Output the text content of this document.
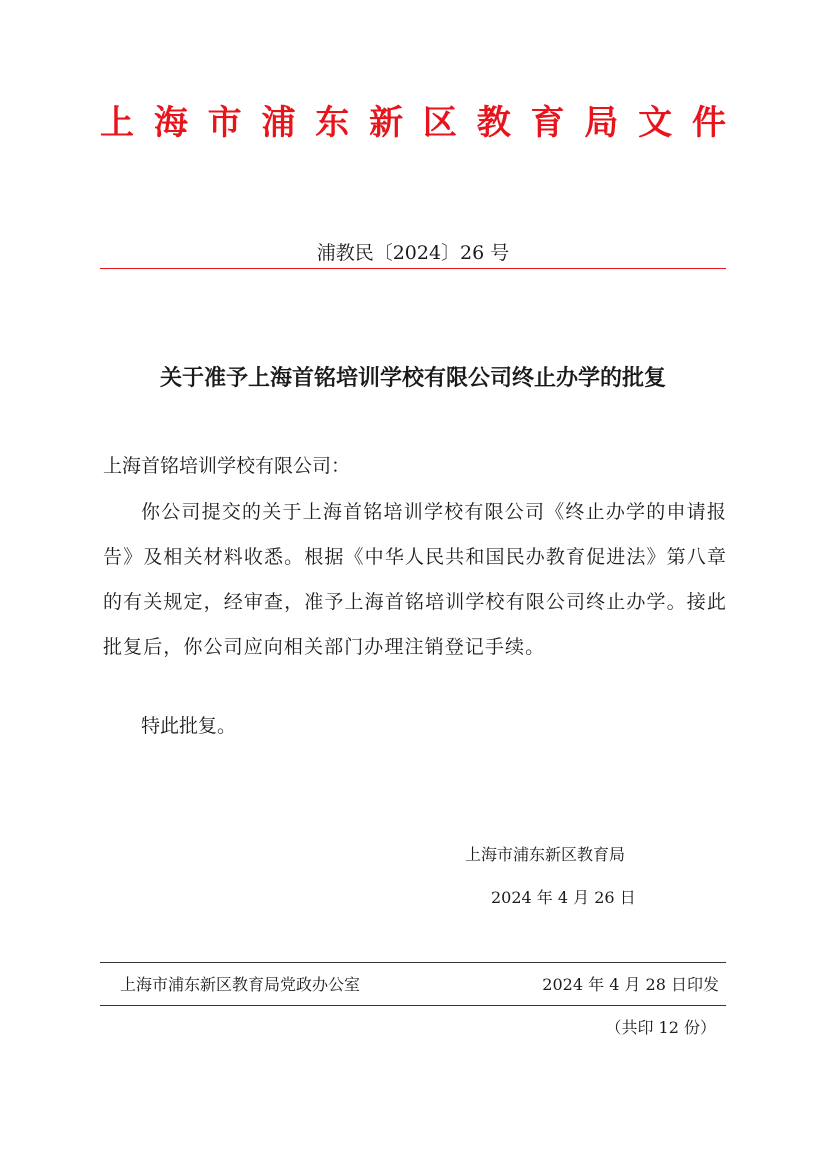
上 海 市 浦 东 新 区 教 育 局 文 件
浦教民〔2024〕26 号
关于准予上海首铭培训学校有限公司终止办学的批复
上海首铭培训学校有限公司：
你公司提交的关于上海首铭培训学校有限公司《终止办学的申请报告》及相关材料收悉。根据《中华人民共和国民办教育促进法》第八章的有关规定，经审查，准予上海首铭培训学校有限公司终止办学。接此批复后，你公司应向相关部门办理注销登记手续。
特此批复。
上海市浦东新区教育局
2024 年 4 月 26 日
上海市浦东新区教育局党政办公室	2024 年 4 月 28 日印发
（共印 12 份）
